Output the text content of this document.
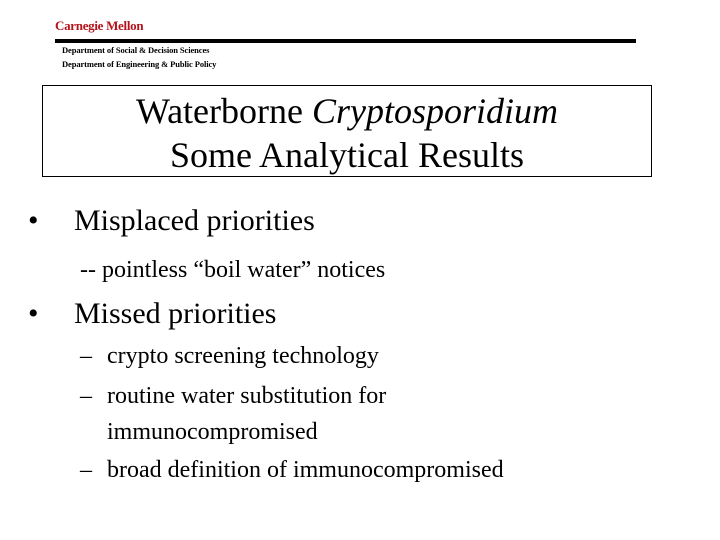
Carnegie Mellon
Department of Social & Decision Sciences
Department of Engineering & Public Policy
Waterborne Cryptosporidium
Some Analytical Results
• Misplaced priorities
-- pointless “boil water” notices
• Missed priorities
– crypto screening technology
– routine water substitution for
immunocompromised
– broad definition of immunocompromised
